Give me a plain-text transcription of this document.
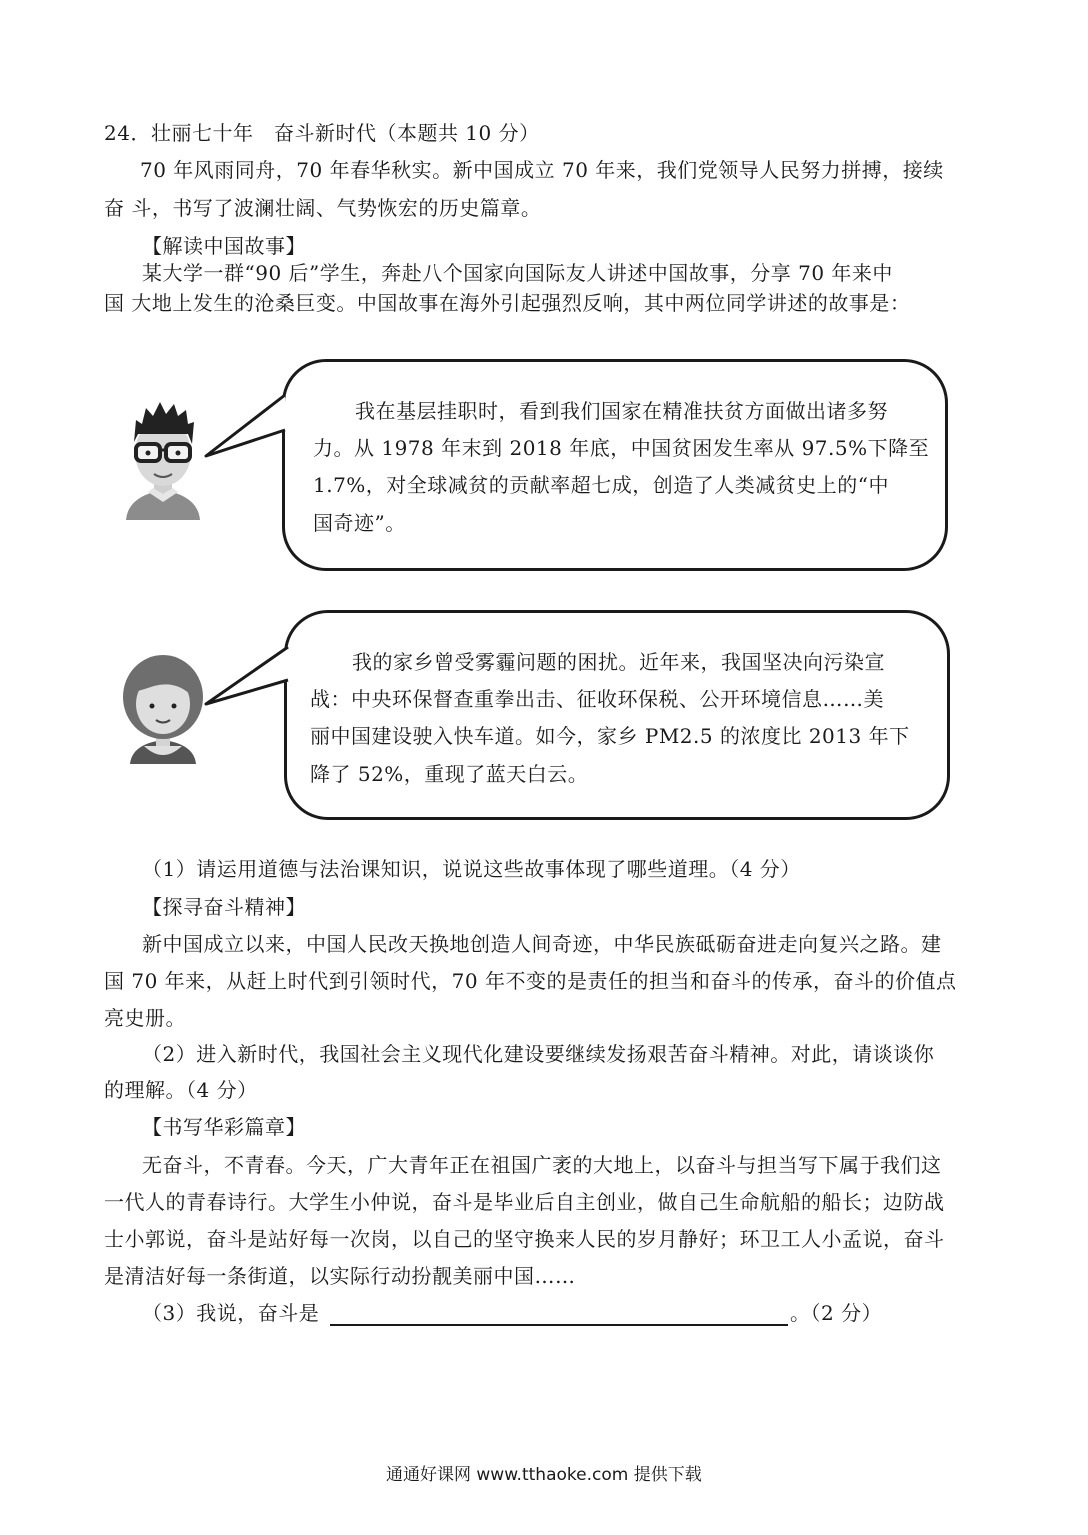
24．壮丽七十年　奋斗新时代（本题共 10 分）
70 年风雨同舟，70 年春华秋实。新中国成立 70 年来，我们党领导人民努力拼搏，接续
奋 斗，书写了波澜壮阔、气势恢宏的历史篇章。
【解读中国故事】
某大学一群“90 后”学生，奔赴八个国家向国际友人讲述中国故事，分享 70 年来中
国 大地上发生的沧桑巨变。中国故事在海外引起强烈反响，其中两位同学讲述的故事是：
我在基层挂职时，看到我们国家在精准扶贫方面做出诸多努
力。从 1978 年末到 2018 年底，中国贫困发生率从 97.5%下降至
1.7%，对全球减贫的贡献率超七成，创造了人类减贫史上的“中
国奇迹”。
我的家乡曾受雾霾问题的困扰。近年来，我国坚决向污染宣
战：中央环保督查重拳出击、征收环保税、公开环境信息……美
丽中国建设驶入快车道。如今，家乡 PM2.5 的浓度比 2013 年下
降了 52%，重现了蓝天白云。
（1）请运用道德与法治课知识，说说这些故事体现了哪些道理。（4 分）
【探寻奋斗精神】
新中国成立以来，中国人民改天换地创造人间奇迹，中华民族砥砺奋进走向复兴之路。建
国 70 年来，从赶上时代到引领时代，70 年不变的是责任的担当和奋斗的传承，奋斗的价值点
亮史册。
（2）进入新时代，我国社会主义现代化建设要继续发扬艰苦奋斗精神。对此，请谈谈你
的理解。（4 分）
【书写华彩篇章】
无奋斗，不青春。今天，广大青年正在祖国广袤的大地上，以奋斗与担当写下属于我们这
一代人的青春诗行。大学生小仲说，奋斗是毕业后自主创业，做自己生命航船的船长；边防战
士小郭说，奋斗是站好每一次岗，以自己的坚守换来人民的岁月静好；环卫工人小孟说，奋斗
是清洁好每一条街道，以实际行动扮靓美丽中国……
（3）我说，奋斗是	。（2 分）
通通好课网 www.tthaoke.com 提供下载
